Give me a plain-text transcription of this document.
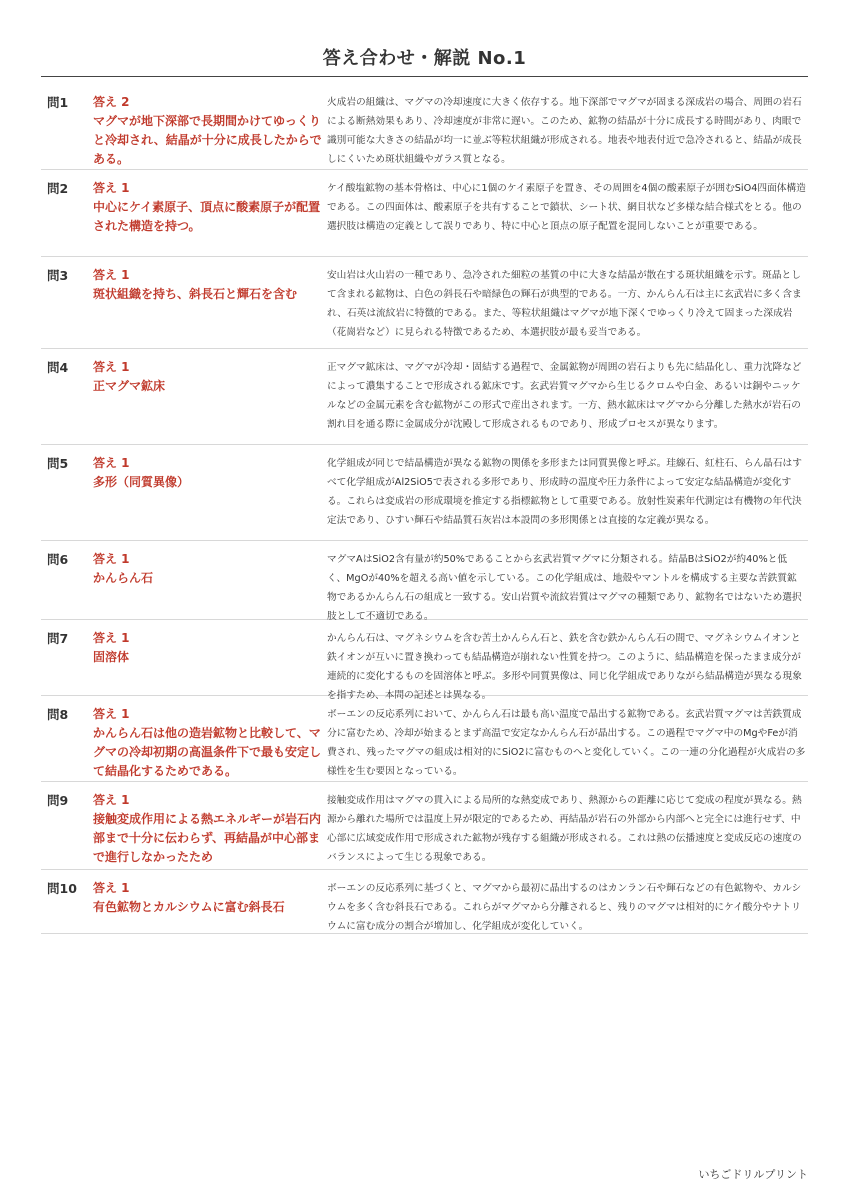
答え合わせ・解説 No.1
問1	答え 2
マグマが地下深部で長期間かけてゆっくりと冷却され、結晶が十分に成長したからである。
火成岩の組織は、マグマの冷却速度に大きく依存する。地下深部でマグマが固まる深成岩の場合、周囲の岩石による断熱効果もあり、冷却速度が非常に遅い。このため、鉱物の結晶が十分に成長する時間があり、肉眼で識別可能な大きさの結晶が均一に並ぶ等粒状組織が形成される。地表や地表付近で急冷されると、結晶が成長しにくいため斑状組織やガラス質となる。
問2	答え 1
中心にケイ素原子、頂点に酸素原子が配置された構造を持つ。
ケイ酸塩鉱物の基本骨格は、中心に1個のケイ素原子を置き、その周囲を4個の酸素原子が囲むSiO4四面体構造である。この四面体は、酸素原子を共有することで鎖状、シート状、網目状など多様な結合様式をとる。他の選択肢は構造の定義として誤りであり、特に中心と頂点の原子配置を混同しないことが重要である。
問3	答え 1
斑状組織を持ち、斜長石と輝石を含む
安山岩は火山岩の一種であり、急冷された細粒の基質の中に大きな結晶が散在する斑状組織を示す。斑晶として含まれる鉱物は、白色の斜長石や暗緑色の輝石が典型的である。一方、かんらん石は主に玄武岩に多く含まれ、石英は流紋岩に特徴的である。また、等粒状組織はマグマが地下深くでゆっくり冷えて固まった深成岩（花崗岩など）に見られる特徴であるため、本選択肢が最も妥当である。
問4	答え 1
正マグマ鉱床
正マグマ鉱床は、マグマが冷却・固結する過程で、金属鉱物が周囲の岩石よりも先に結晶化し、重力沈降などによって濃集することで形成される鉱床です。玄武岩質マグマから生じるクロムや白金、あるいは銅やニッケルなどの金属元素を含む鉱物がこの形式で産出されます。一方、熱水鉱床はマグマから分離した熱水が岩石の割れ目を通る際に金属成分が沈殿して形成されるものであり、形成プロセスが異なります。
問5	答え 1
多形（同質異像）
化学組成が同じで結晶構造が異なる鉱物の関係を多形または同質異像と呼ぶ。珪線石、紅柱石、らん晶石はすべて化学組成がAl2SiO5で表される多形であり、形成時の温度や圧力条件によって安定な結晶構造が変化する。これらは変成岩の形成環境を推定する指標鉱物として重要である。放射性炭素年代測定は有機物の年代決定法であり、ひすい輝石や結晶質石灰岩は本設問の多形関係とは直接的な定義が異なる。
問6	答え 1
かんらん石
マグマAはSiO2含有量が約50%であることから玄武岩質マグマに分類される。結晶BはSiO2が約40%と低く、MgOが40%を超える高い値を示している。この化学組成は、地殻やマントルを構成する主要な苦鉄質鉱物であるかんらん石の組成と一致する。安山岩質や流紋岩質はマグマの種類であり、鉱物名ではないため選択肢として不適切である。
問7	答え 1
固溶体
かんらん石は、マグネシウムを含む苦土かんらん石と、鉄を含む鉄かんらん石の間で、マグネシウムイオンと鉄イオンが互いに置き換わっても結晶構造が崩れない性質を持つ。このように、結晶構造を保ったまま成分が連続的に変化するものを固溶体と呼ぶ。多形や同質異像は、同じ化学組成でありながら結晶構造が異なる現象を指すため、本問の記述とは異なる。
問8	答え 1
かんらん石は他の造岩鉱物と比較して、マグマの冷却初期の高温条件下で最も安定して結晶化するためである。
ボーエンの反応系列において、かんらん石は最も高い温度で晶出する鉱物である。玄武岩質マグマは苦鉄質成分に富むため、冷却が始まるとまず高温で安定なかんらん石が晶出する。この過程でマグマ中のMgやFeが消費され、残ったマグマの組成は相対的にSiO2に富むものへと変化していく。この一連の分化過程が火成岩の多様性を生む要因となっている。
問9	答え 1
接触変成作用による熱エネルギーが岩石内部まで十分に伝わらず、再結晶が中心部まで進行しなかったため
接触変成作用はマグマの貫入による局所的な熱変成であり、熱源からの距離に応じて変成の程度が異なる。熱源から離れた場所では温度上昇が限定的であるため、再結晶が岩石の外部から内部へと完全には進行せず、中心部に広域変成作用で形成された鉱物が残存する組織が形成される。これは熱の伝播速度と変成反応の速度のバランスによって生じる現象である。
問10	答え 1
有色鉱物とカルシウムに富む斜長石
ボーエンの反応系列に基づくと、マグマから最初に晶出するのはカンラン石や輝石などの有色鉱物や、カルシウムを多く含む斜長石である。これらがマグマから分離されると、残りのマグマは相対的にケイ酸分やナトリウムに富む成分の割合が増加し、化学組成が変化していく。
いちごドリルプリント
